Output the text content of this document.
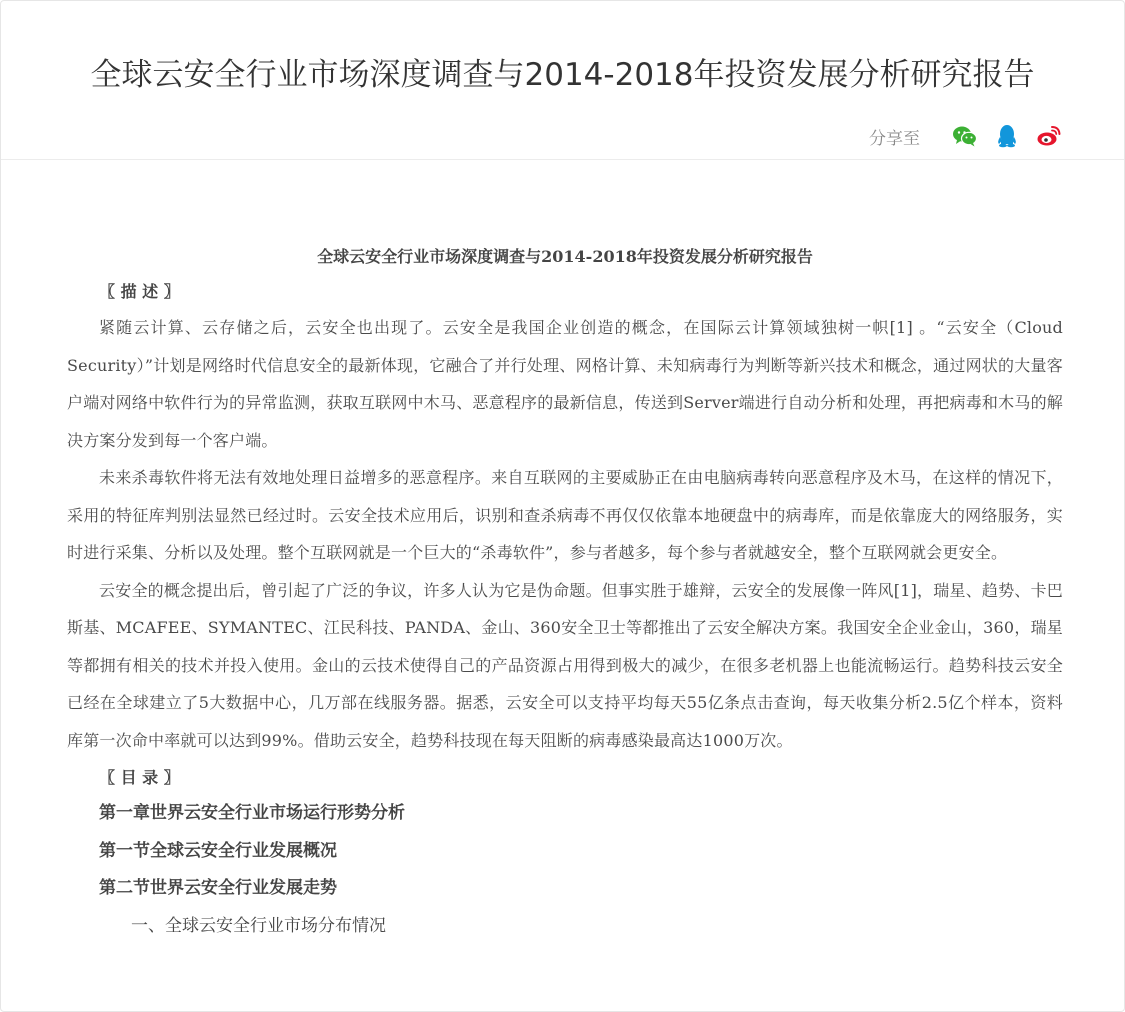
全球云安全行业市场深度调查与2014-2018年投资发展分析研究报告
分享至

全球云安全行业市场深度调查与2014-2018年投资发展分析研究报告

〖 描 述 〗

紧随云计算、云存储之后，云安全也出现了。云安全是我国企业创造的概念，在国际云计算领域独树一帜[1] 。“云安全（Cloud Security）”计划是网络时代信息安全的最新体现，它融合了并行处理、网格计算、未知病毒行为判断等新兴技术和概念，通过网状的大量客户端对网络中软件行为的异常监测，获取互联网中木马、恶意程序的最新信息，传送到Server端进行自动分析和处理，再把病毒和木马的解决方案分发到每一个客户端。

未来杀毒软件将无法有效地处理日益增多的恶意程序。来自互联网的主要威胁正在由电脑病毒转向恶意程序及木马，在这样的情况下，采用的特征库判别法显然已经过时。云安全技术应用后，识别和查杀病毒不再仅仅依靠本地硬盘中的病毒库，而是依靠庞大的网络服务，实时进行采集、分析以及处理。整个互联网就是一个巨大的“杀毒软件”，参与者越多，每个参与者就越安全，整个互联网就会更安全。

云安全的概念提出后，曾引起了广泛的争议，许多人认为它是伪命题。但事实胜于雄辩，云安全的发展像一阵风[1]，瑞星、趋势、卡巴斯基、MCAFEE、SYMANTEC、江民科技、PANDA、金山、360安全卫士等都推出了云安全解决方案。我国安全企业金山，360，瑞星等都拥有相关的技术并投入使用。金山的云技术使得自己的产品资源占用得到极大的减少，在很多老机器上也能流畅运行。趋势科技云安全已经在全球建立了5大数据中心，几万部在线服务器。据悉，云安全可以支持平均每天55亿条点击查询，每天收集分析2.5亿个样本，资料库第一次命中率就可以达到99%。借助云安全，趋势科技现在每天阻断的病毒感染最高达1000万次。

〖 目 录 〗

第一章世界云安全行业市场运行形势分析

第一节全球云安全行业发展概况

第二节世界云安全行业发展走势

一、全球云安全行业市场分布情况
